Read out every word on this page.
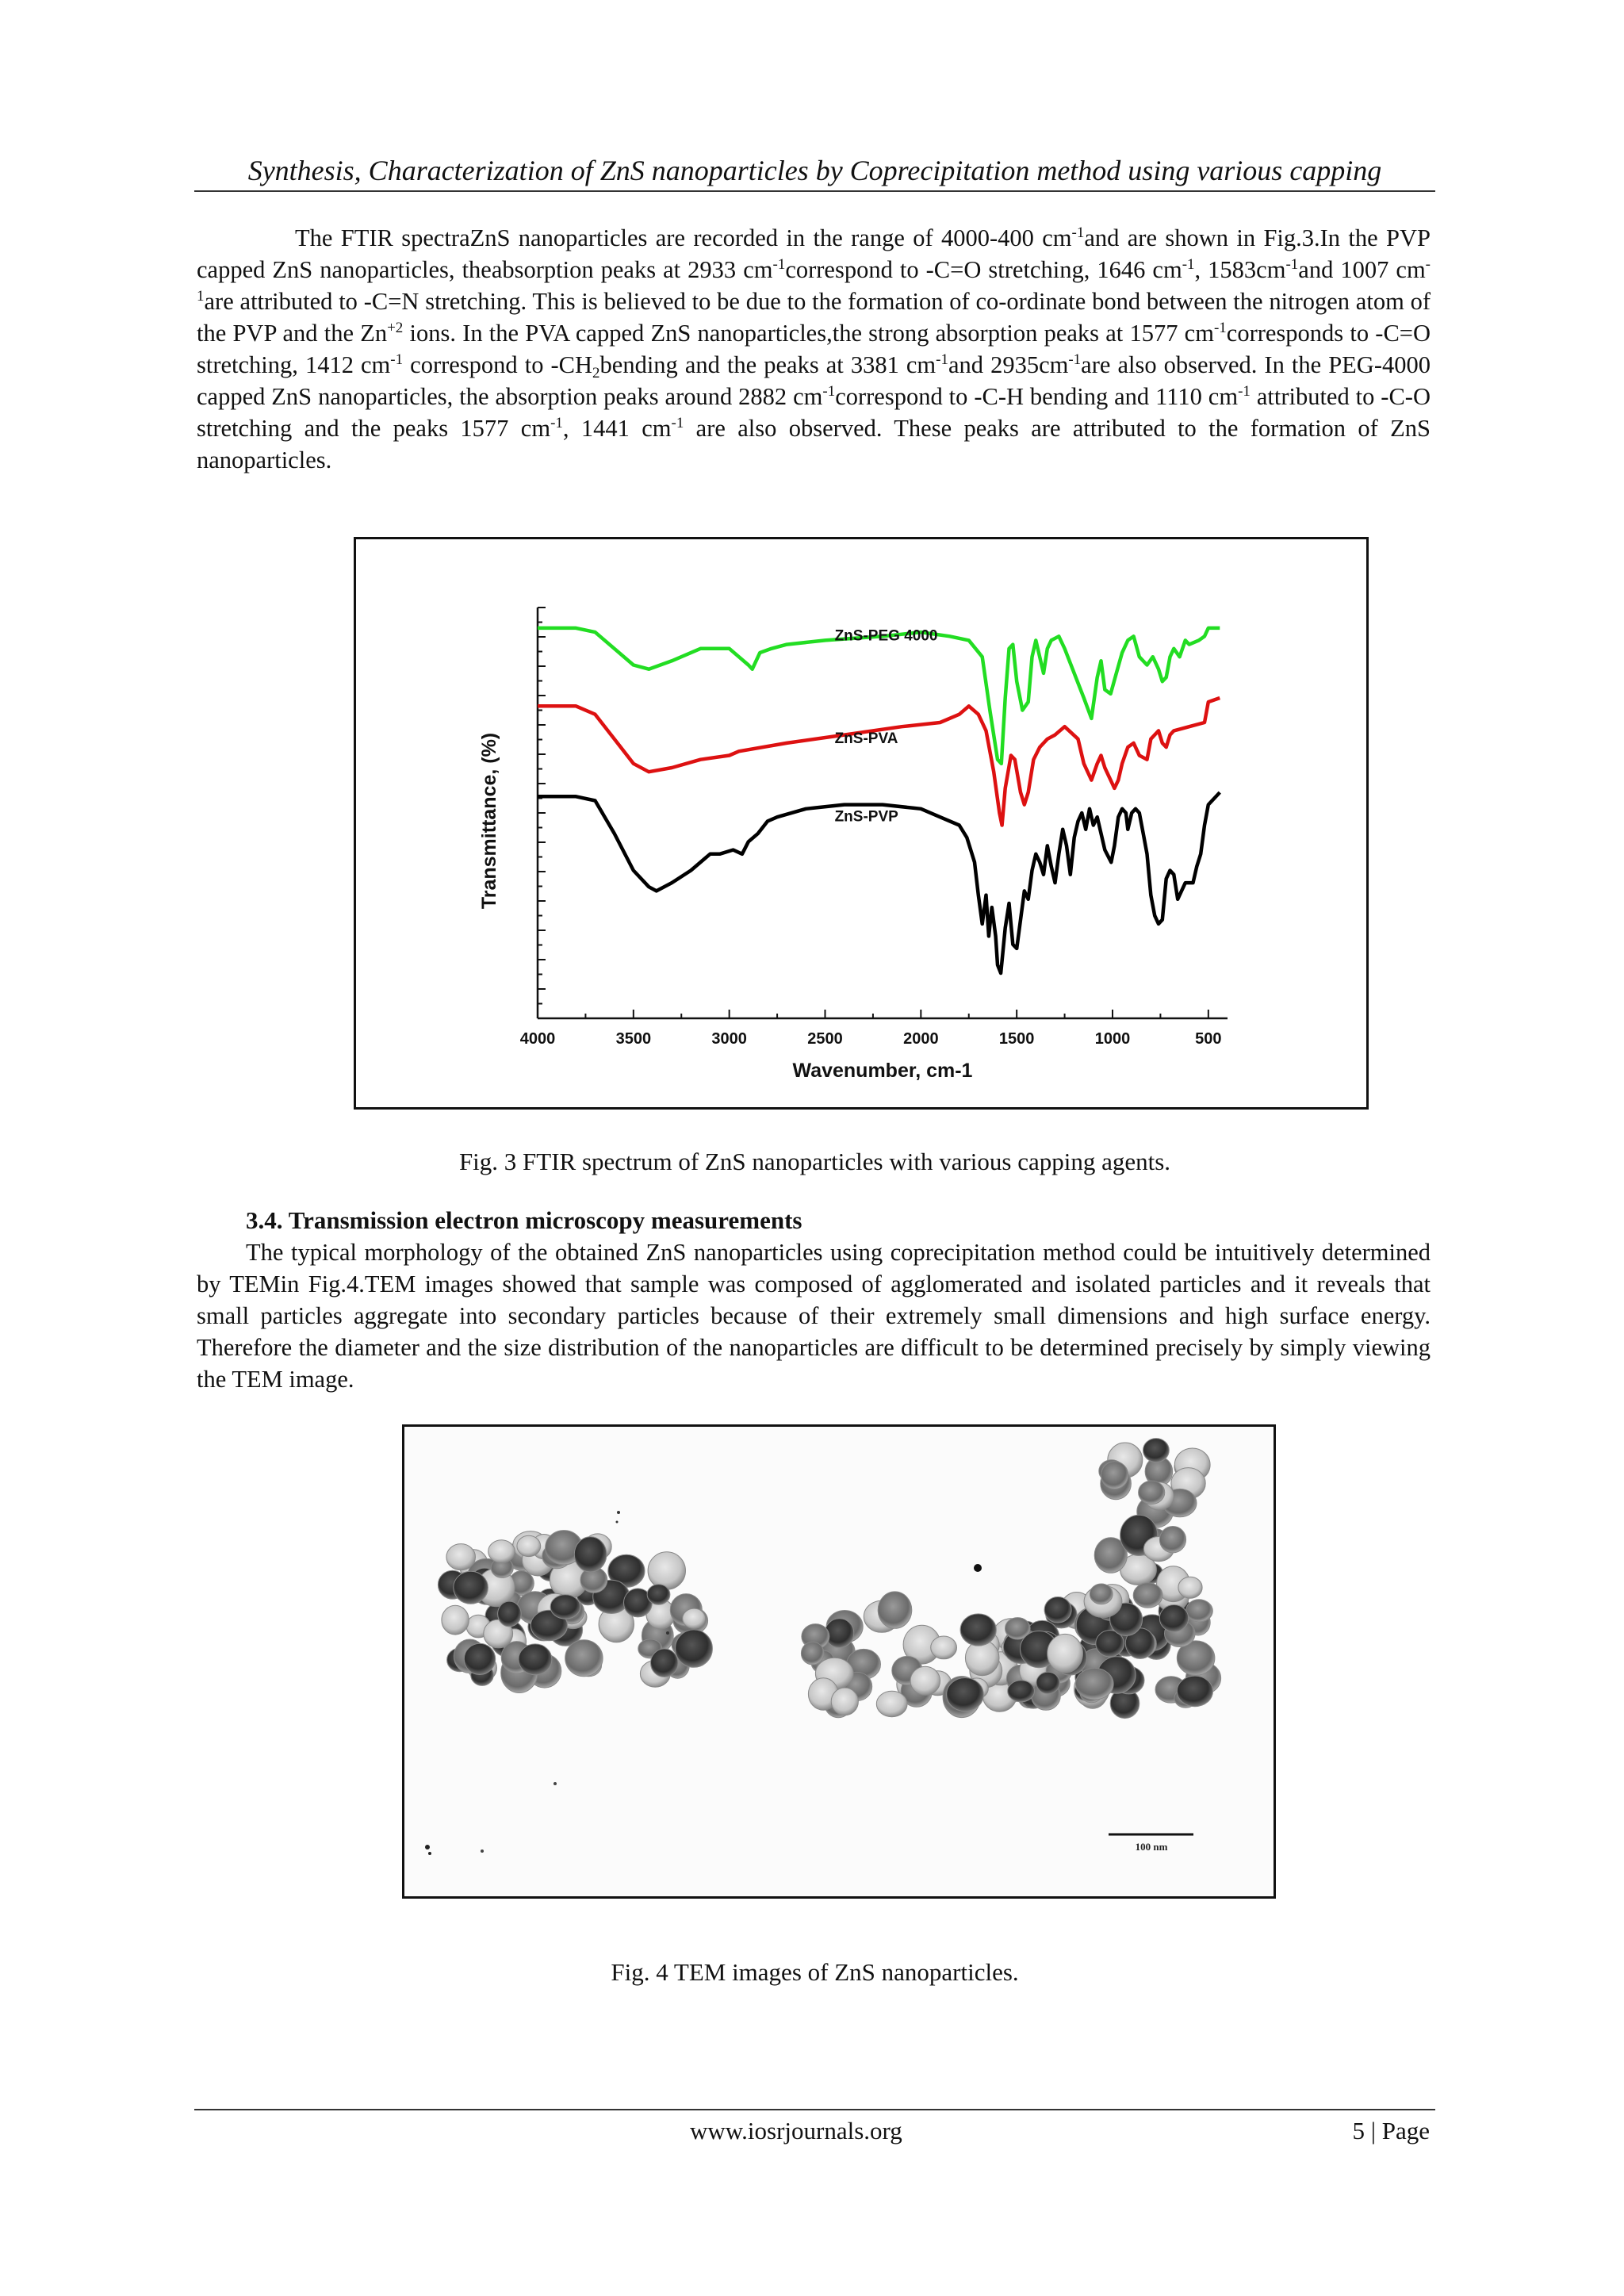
Synthesis, Characterization of ZnS nanoparticles by Coprecipitation method using various capping

The FTIR spectraZnS nanoparticles are recorded in the range of 4000-400 $cm^{-1}and$ are shown in Fig.3.In the PVP capped ZnS nanoparticles, theabsorption peaks at 2933 $cm^{-1}correspond$ to -C=O stretching, 1646 $cm^{-1}$, $1583cm^{-1}and$ 1007 $cm^{-1}are$ attributed to -C=N stretching. This is believed to be due to the formation of co-ordinate bond between the nitrogen atom of the PVP and the $Zn^{+2}$ ions. In the PVA capped ZnS nanoparticles,the strong absorption peaks at 1577 $cm^{-1}corresponds$ to -C=O stretching, 1412 $cm^{-1}$ correspond to $-CH_2bending$ and the peaks at 3381 $cm^{-1}and$ $2935cm^{-1}are$ also observed. In the PEG-4000 capped ZnS nanoparticles, the absorption peaks around 2882 $cm^{-1}correspond$ to -C-H bending and 1110 $cm^{-1}$ attributed to -C-O stretching and the peaks 1577 $cm^{-1}$, 1441 $cm^{-1}$ are also observed. These peaks are attributed to the formation of ZnS nanoparticles.

4000	3500	3000	2500	2000	1500	1000	500
Wavenumber, cm-1
Transmittance, (%)
ZnS-PEG 4000
ZnS-PVA
ZnS-PVP
Fig. 3 FTIR spectrum of ZnS nanoparticles with various capping agents.
3.4. Transmission electron microscopy measurements

The typical morphology of the obtained ZnS nanoparticles using coprecipitation method could be intuitively determined by TEMin Fig.4.TEM images showed that sample was composed of agglomerated and isolated particles and it reveals that small particles aggregate into secondary particles because of their extremely small dimensions and high surface energy. Therefore the diameter and the size distribution of the nanoparticles are difficult to be determined precisely by simply viewing the TEM image.

100 nm
Fig. 4 TEM images of ZnS nanoparticles.
www.iosrjournals.org	5 | Page
